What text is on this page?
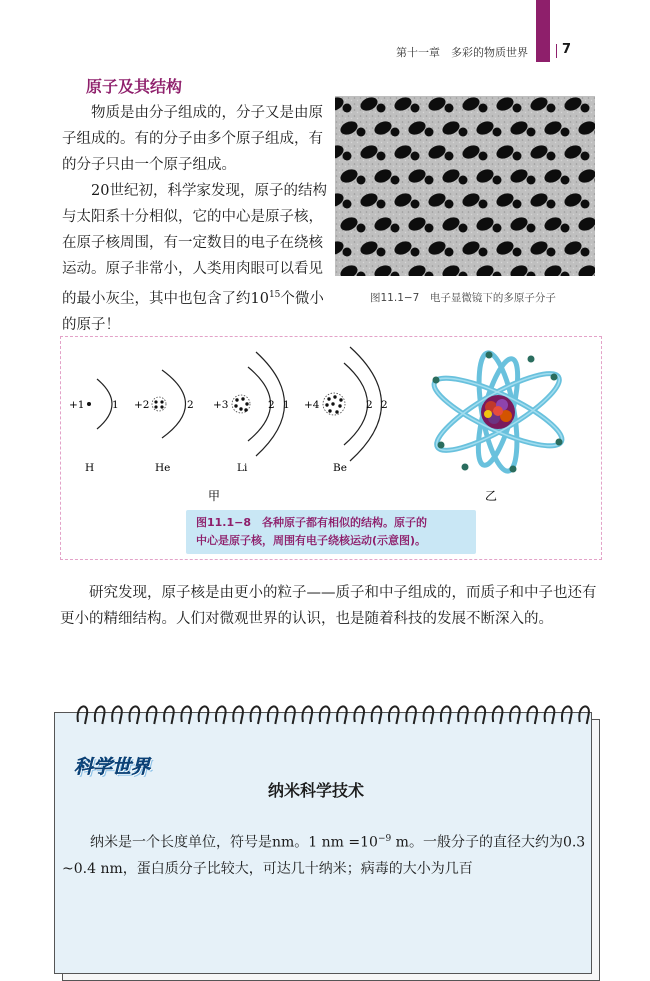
第十一章　多彩的物质世界	7
原子及其结构
物质是由分子组成的，分子又是由原子组成的。有的分子由多个原子组成，有的分子只由一个原子组成。
20世纪初，科学家发现，原子的结构与太阳系十分相似，它的中心是原子核，在原子核周围，有一定数目的电子在绕核运动。原子非常小，人类用肉眼可以看见的最小灰尘，其中也包含了约$10^{15}$个微小的原子！
图11.1−7　电子显微镜下的多原子分子
+1	1
H
+2	2
He
+3	2 1
Li
+4	2 2
Be
甲	乙
图11.1−8　各种原子都有相似的结构。原子的
中心是原子核，周围有电子绕核运动(示意图)。
研究发现，原子核是由更小的粒子——质子和中子组成的，而质子和中子也还有更小的精细结构。人们对微观世界的认识，也是随着科技的发展不断深入的。
科学世界
纳米科学技术
纳米是一个长度单位，符号是nm。1 nm $=10^{-9}$ m。一般分子的直径大约为0.3 ~0.4 nm，蛋白质分子比较大，可达几十纳米；病毒的大小为几百
